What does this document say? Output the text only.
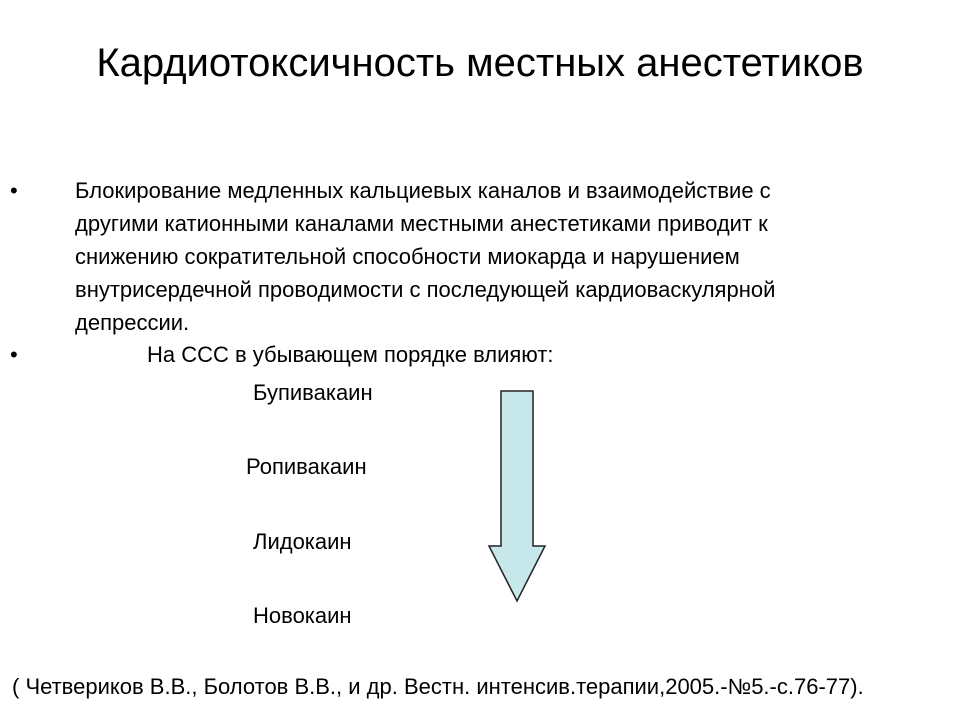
Кардиотоксичность местных анестетиков
•	Блокирование медленных кальциевых каналов и взаимодействие с
другими катионными каналами местными анестетиками приводит к
снижению сократительной способности миокарда и нарушением
внутрисердечной проводимости с последующей кардиоваскулярной
депрессии.
•	На ССС в убывающем порядке влияют:
Бупивакаин
Ропивакаин
Лидокаин
Новокаин
( Четвериков В.В., Болотов В.В., и др. Вестн. интенсив.терапии,2005.-№5.-с.76-77).
